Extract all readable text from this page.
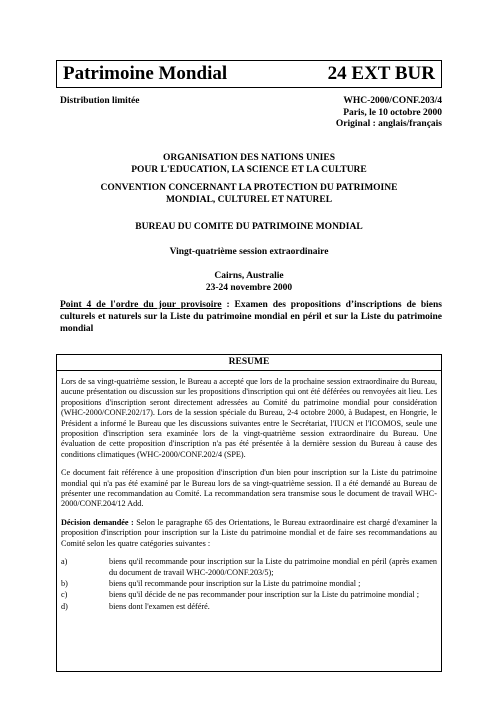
Patrimoine Mondial	24 EXT BUR
Distribution limitée	WHC-2000/CONF.203/4
Paris, le 10 octobre 2000
Original : anglais/français
ORGANISATION DES NATIONS UNIES
POUR L'EDUCATION, LA SCIENCE ET LA CULTURE
CONVENTION CONCERNANT LA PROTECTION DU PATRIMOINE
MONDIAL, CULTUREL ET NATUREL
BUREAU DU COMITE DU PATRIMOINE MONDIAL
Vingt-quatrième session extraordinaire
Cairns, Australie
23-24 novembre 2000
Point 4 de l'ordre du jour provisoire : Examen des propositions d’inscriptions de biens culturels et naturels sur la Liste du patrimoine mondial en péril et sur la Liste du patrimoine mondial
RESUME

Lors de sa vingt-quatrième session, le Bureau a accepté que lors de la prochaine session extraordinaire du Bureau, aucune présentation ou discussion sur les propositions d'inscription qui ont été déférées ou renvoyées ait lieu. Les propositions d'inscription seront directement adressées au Comité du patrimoine mondial pour considération (WHC-2000/CONF.202/17). Lors de la session spéciale du Bureau, 2-4 octobre 2000, à Budapest, en Hongrie, le Président a informé le Bureau que les discussions suivantes entre le Secrétariat, l'IUCN et l'ICOMOS, seule une proposition d'inscription sera examinée lors de la vingt-quatrième session extraordinaire du Bureau. Une évaluation de cette proposition d'inscription n'a pas été présentée à la dernière session du Bureau à cause des conditions climatiques (WHC-2000/CONF.202/4 (SPE).

Ce document fait référence à une proposition d'inscription d'un bien pour inscription sur la Liste du patrimoine mondial qui n'a pas été examiné par le Bureau lors de sa vingt-quatrième session. Il a été demandé au Bureau de présenter une recommandation au Comité. La recommandation sera transmise sous le document de travail WHC-2000/CONF.204/12 Add.

Décision demandée : Selon le paragraphe 65 des Orientations, le Bureau extraordinaire est chargé d'examiner la proposition d'inscription pour inscription sur la Liste du patrimoine mondial et de faire ses recommandations au Comité selon les quatre catégories suivantes :

a)	biens qu'il recommande pour inscription sur la Liste du patrimoine mondial en péril (après examen du document de travail WHC-2000/CONF.203/5);
b)	biens qu'il recommande pour inscription sur la Liste du patrimoine mondial ;
c)	biens qu'il décide de ne pas recommander pour inscription sur la Liste du patrimoine mondial ;
d)	biens dont l'examen est déféré.
